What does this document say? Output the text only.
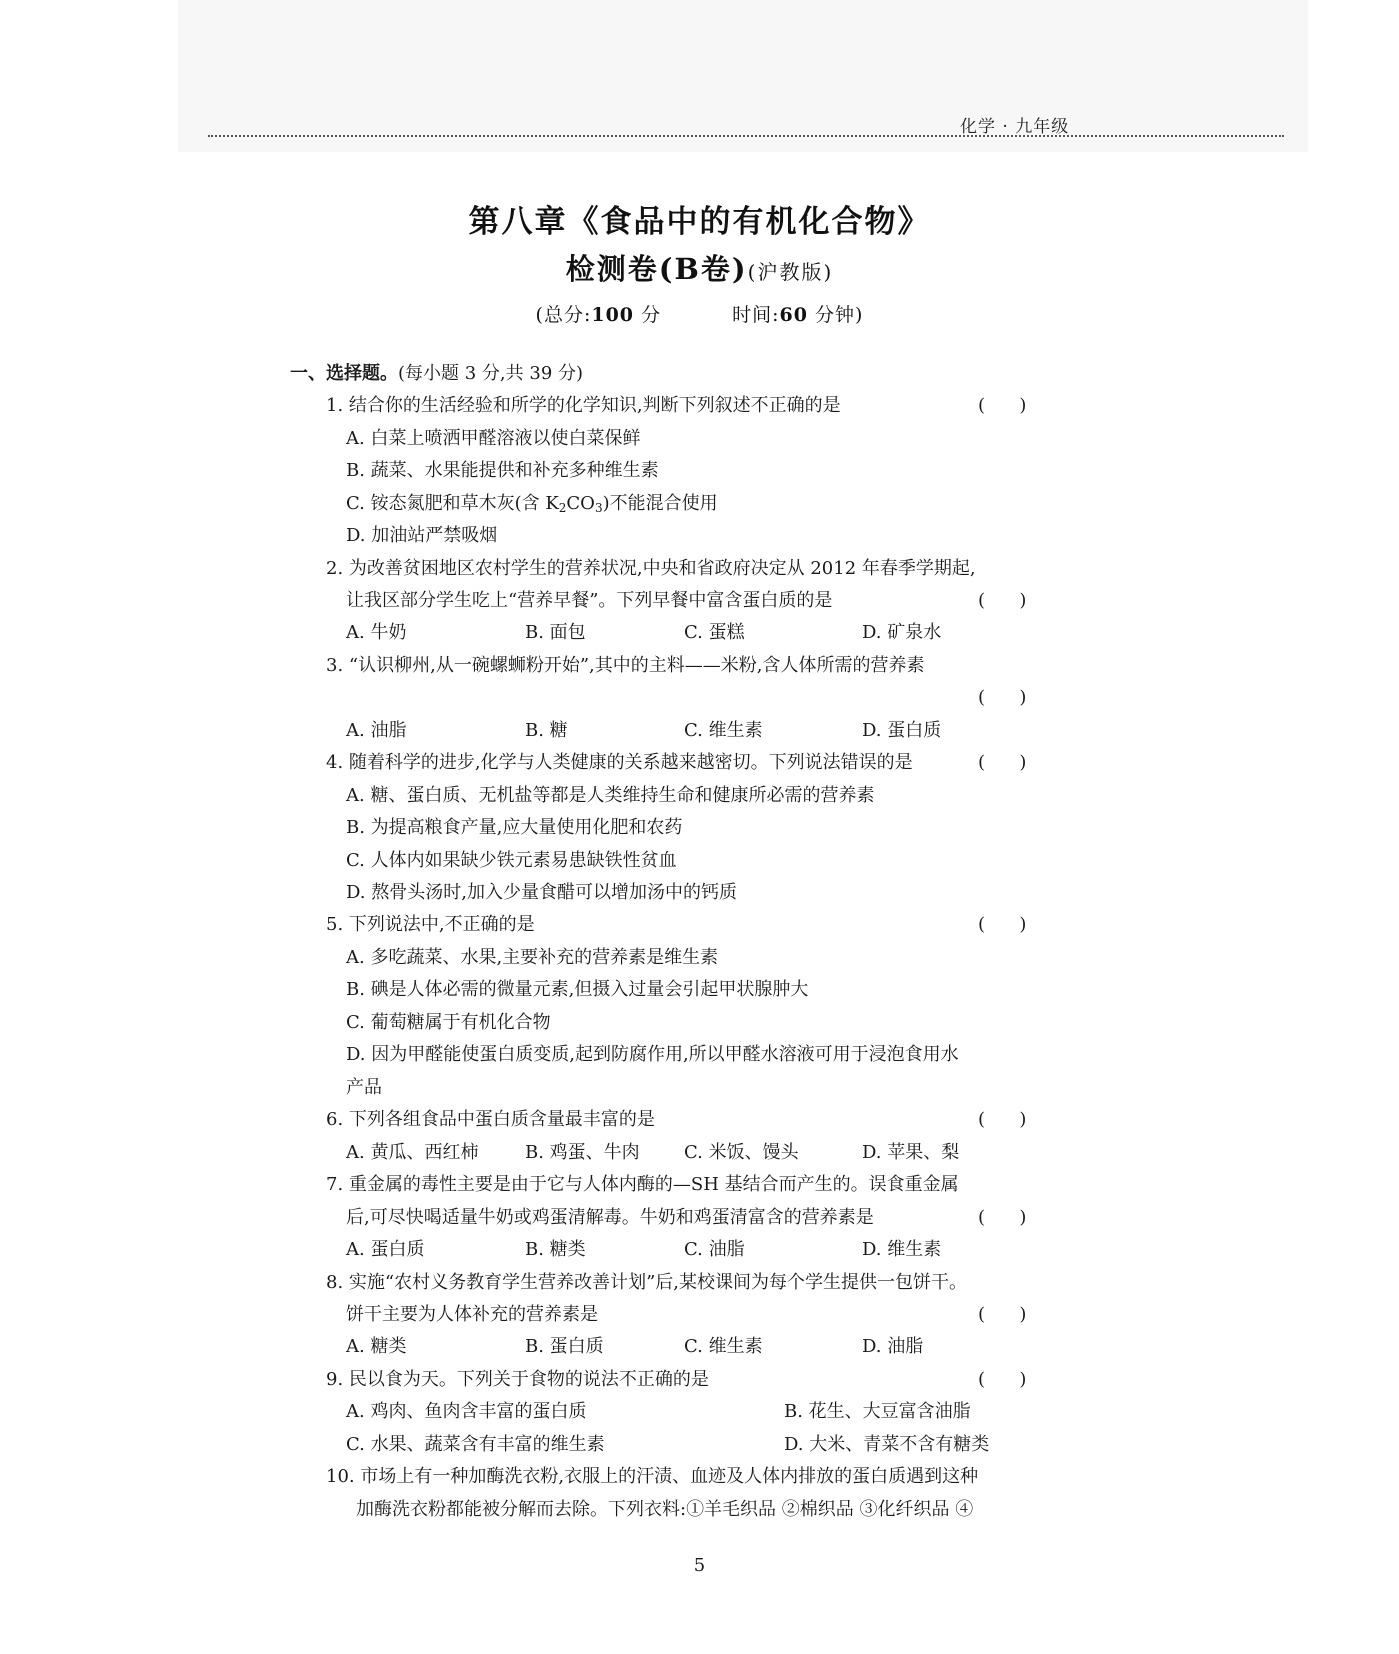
化学 · 九年级
第八章《食品中的有机化合物》
检测卷(B卷)(沪教版)
(总分:100 分	时间:60 分钟)
一、选择题。(每小题 3 分,共 39 分)
1. 结合你的生活经验和所学的化学知识,判断下列叙述不正确的是	(      )
A. 白菜上喷洒甲醛溶液以使白菜保鲜
B. 蔬菜、水果能提供和补充多种维生素
C. 铵态氮肥和草木灰(含 $K_2CO_3$)不能混合使用
D. 加油站严禁吸烟
2. 为改善贫困地区农村学生的营养状况,中央和省政府决定从 2012 年春季学期起,
让我区部分学生吃上“营养早餐”。下列早餐中富含蛋白质的是	(      )
A. 牛奶	B. 面包	C. 蛋糕	D. 矿泉水
3. “认识柳州,从一碗螺蛳粉开始”,其中的主料——米粉,含人体所需的营养素
(      )
A. 油脂	B. 糖	C. 维生素	D. 蛋白质
4. 随着科学的进步,化学与人类健康的关系越来越密切。下列说法错误的是	(      )
A. 糖、蛋白质、无机盐等都是人类维持生命和健康所必需的营养素
B. 为提高粮食产量,应大量使用化肥和农药
C. 人体内如果缺少铁元素易患缺铁性贫血
D. 熬骨头汤时,加入少量食醋可以增加汤中的钙质
5. 下列说法中,不正确的是	(      )
A. 多吃蔬菜、水果,主要补充的营养素是维生素
B. 碘是人体必需的微量元素,但摄入过量会引起甲状腺肿大
C. 葡萄糖属于有机化合物
D. 因为甲醛能使蛋白质变质,起到防腐作用,所以甲醛水溶液可用于浸泡食用水
产品
6. 下列各组食品中蛋白质含量最丰富的是	(      )
A. 黄瓜、西红柿	B. 鸡蛋、牛肉 C. 米饭、馒头	D. 苹果、梨
7. 重金属的毒性主要是由于它与人体内酶的—SH 基结合而产生的。误食重金属
后,可尽快喝适量牛奶或鸡蛋清解毒。牛奶和鸡蛋清富含的营养素是	(      )
A. 蛋白质	B. 糖类	C. 油脂	D. 维生素
8. 实施“农村义务教育学生营养改善计划”后,某校课间为每个学生提供一包饼干。
饼干主要为人体补充的营养素是	(      )
A. 糖类	B. 蛋白质	C. 维生素	D. 油脂
9. 民以食为天。下列关于食物的说法不正确的是	(      )
A. 鸡肉、鱼肉含丰富的蛋白质	B. 花生、大豆富含油脂
C. 水果、蔬菜含有丰富的维生素	D. 大米、青菜不含有糖类
10. 市场上有一种加酶洗衣粉,衣服上的汗渍、血迹及人体内排放的蛋白质遇到这种
加酶洗衣粉都能被分解而去除。下列衣料:①羊毛织品 ②棉织品 ③化纤织品 ④
5
